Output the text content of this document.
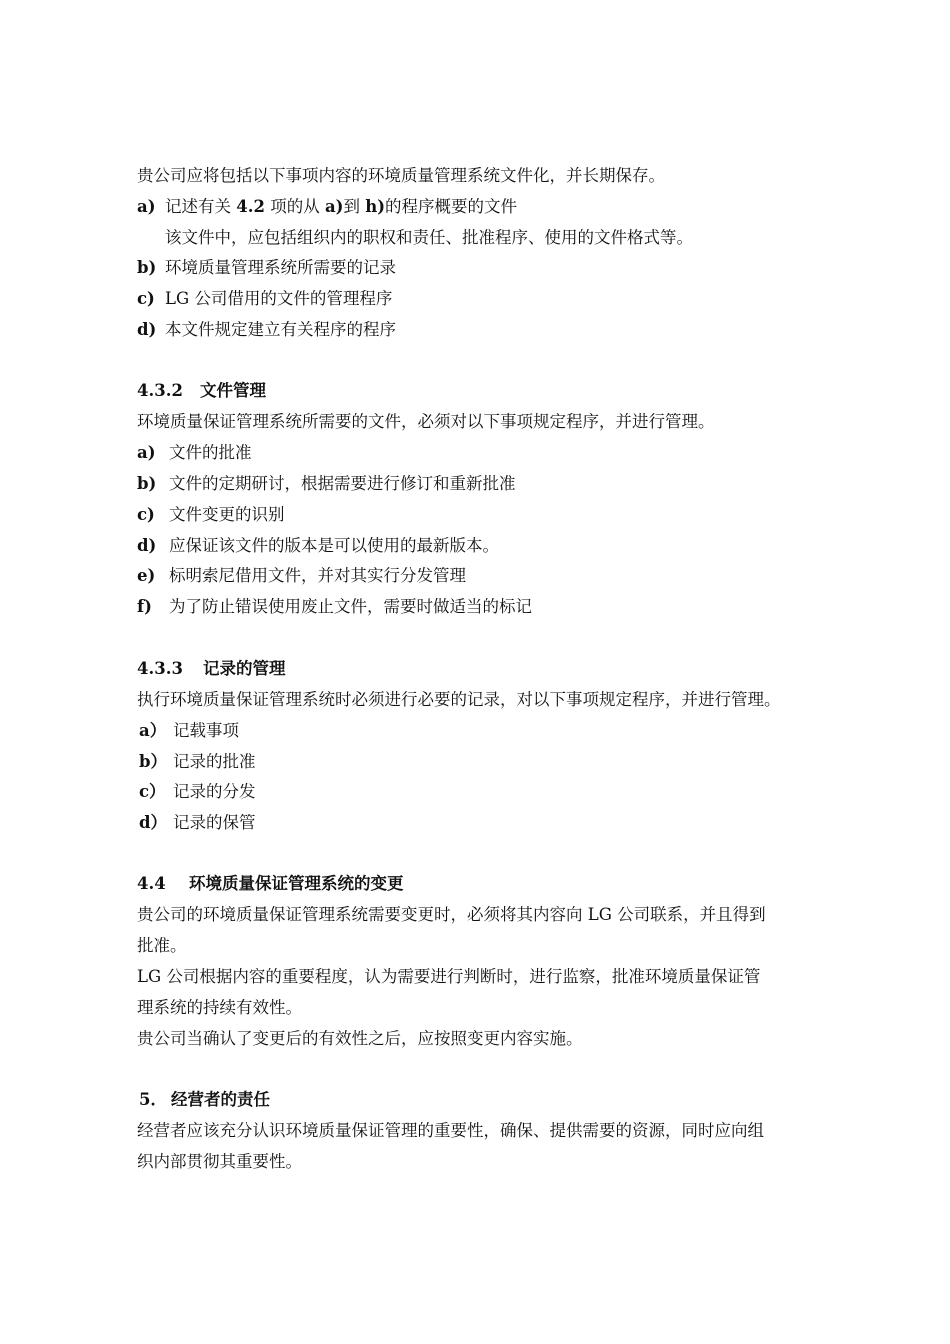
贵公司应将包括以下事项内容的环境质量管理系统文件化，并长期保存。
a) 记述有关 4.2 项的从 a)到 h)的程序概要的文件
该文件中，应包括组织内的职权和责任、批准程序、使用的文件格式等。
b) 环境质量管理系统所需要的记录
c) LG 公司借用的文件的管理程序
d) 本文件规定建立有关程序的程序
4.3.2 文件管理
环境质量保证管理系统所需要的文件，必须对以下事项规定程序，并进行管理。
a) 文件的批准
b) 文件的定期研讨，根据需要进行修订和重新批准
c) 文件变更的识别
d) 应保证该文件的版本是可以使用的最新版本。
e) 标明索尼借用文件，并对其实行分发管理
f) 为了防止错误使用废止文件，需要时做适当的标记
4.3.3 记录的管理
执行环境质量保证管理系统时必须进行必要的记录，对以下事项规定程序，并进行管理。
a） 记载事项
b） 记录的批准
c） 记录的分发
d） 记录的保管
4.4 环境质量保证管理系统的变更
贵公司的环境质量保证管理系统需要变更时，必须将其内容向 LG 公司联系，并且得到
批准。
LG 公司根据内容的重要程度，认为需要进行判断时，进行监察，批准环境质量保证管
理系统的持续有效性。
贵公司当确认了变更后的有效性之后，应按照变更内容实施。
5． 经营者的责任
经营者应该充分认识环境质量保证管理的重要性，确保、提供需要的资源，同时应向组
织内部贯彻其重要性。
